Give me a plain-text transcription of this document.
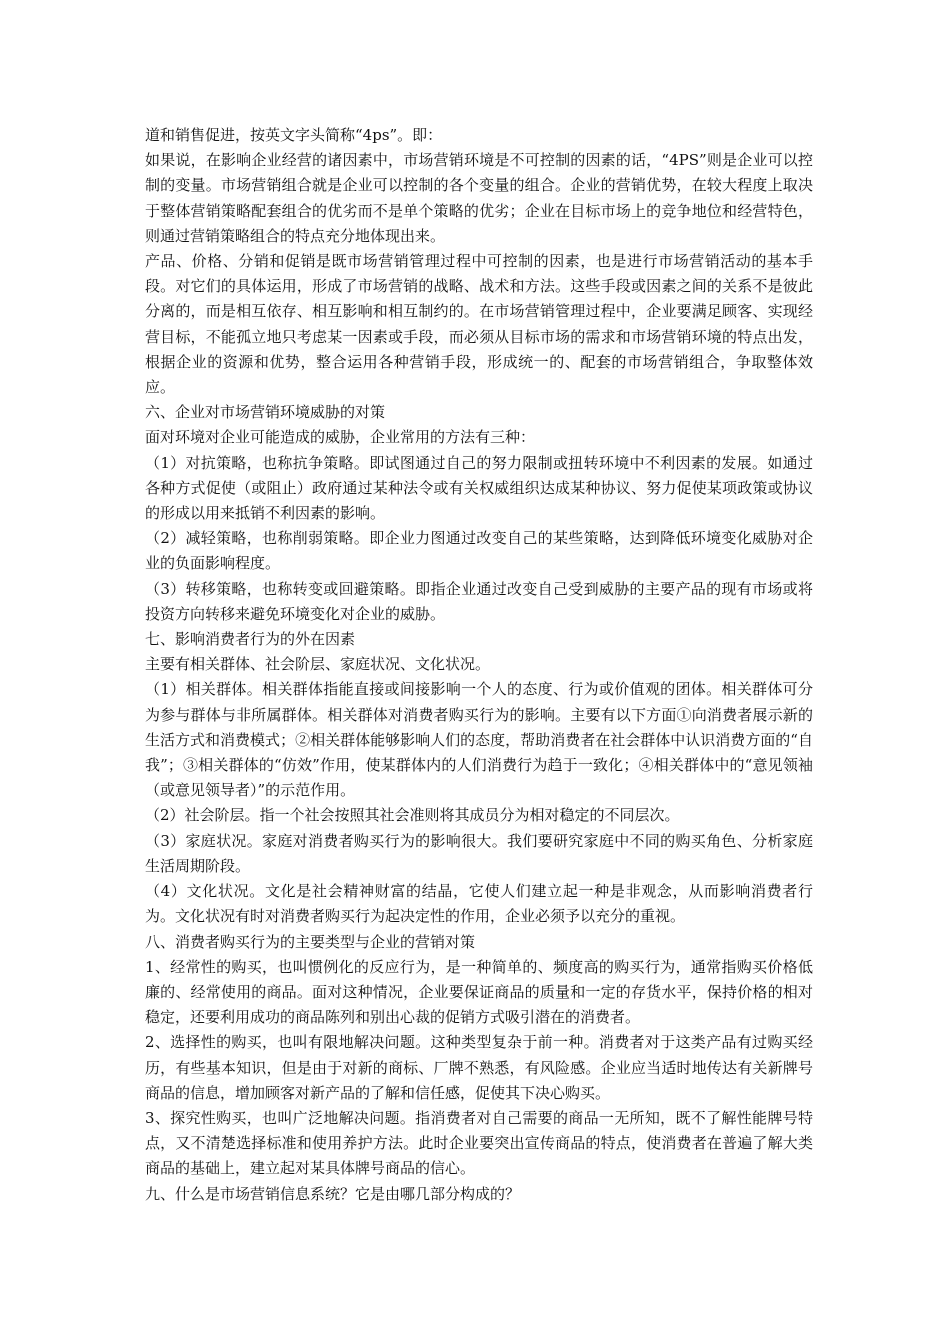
道和销售促进，按英文字头简称“4ps”。即：

如果说，在影响企业经营的诸因素中，市场营销环境是不可控制的因素的话，“4PS”则是企业可以控制的变量。市场营销组合就是企业可以控制的各个变量的组合。企业的营销优势，在较大程度上取决于整体营销策略配套组合的优劣而不是单个策略的优劣；企业在目标市场上的竞争地位和经营特色，则通过营销策略组合的特点充分地体现出来。

产品、价格、分销和促销是既市场营销管理过程中可控制的因素，也是进行市场营销活动的基本手段。对它们的具体运用，形成了市场营销的战略、战术和方法。这些手段或因素之间的关系不是彼此分离的，而是相互依存、相互影响和相互制约的。在市场营销管理过程中，企业要满足顾客、实现经营目标，不能孤立地只考虑某一因素或手段，而必须从目标市场的需求和市场营销环境的特点出发，根据企业的资源和优势，整合运用各种营销手段，形成统一的、配套的市场营销组合，争取整体效应。

六、企业对市场营销环境威胁的对策

面对环境对企业可能造成的威胁，企业常用的方法有三种：

（1）对抗策略，也称抗争策略。即试图通过自己的努力限制或扭转环境中不利因素的发展。如通过各种方式促使（或阻止）政府通过某种法令或有关权威组织达成某种协议、努力促使某项政策或协议的形成以用来抵销不利因素的影响。

（2）减轻策略，也称削弱策略。即企业力图通过改变自己的某些策略，达到降低环境变化威胁对企业的负面影响程度。

（3）转移策略，也称转变或回避策略。即指企业通过改变自己受到威胁的主要产品的现有市场或将投资方向转移来避免环境变化对企业的威胁。

七、影响消费者行为的外在因素

主要有相关群体、社会阶层、家庭状况、文化状况。

（1）相关群体。相关群体指能直接或间接影响一个人的态度、行为或价值观的团体。相关群体可分为参与群体与非所属群体。相关群体对消费者购买行为的影响。主要有以下方面①向消费者展示新的生活方式和消费模式；②相关群体能够影响人们的态度，帮助消费者在社会群体中认识消费方面的“自我”；③相关群体的“仿效”作用，使某群体内的人们消费行为趋于一致化；④相关群体中的“意见领袖（或意见领导者）”的示范作用。

（2）社会阶层。指一个社会按照其社会准则将其成员分为相对稳定的不同层次。

（3）家庭状况。家庭对消费者购买行为的影响很大。我们要研究家庭中不同的购买角色、分析家庭生活周期阶段。

（4）文化状况。文化是社会精神财富的结晶，它使人们建立起一种是非观念，从而影响消费者行为。文化状况有时对消费者购买行为起决定性的作用，企业必须予以充分的重视。

八、消费者购买行为的主要类型与企业的营销对策

1、经常性的购买，也叫惯例化的反应行为，是一种简单的、频度高的购买行为，通常指购买价格低廉的、经常使用的商品。面对这种情况，企业要保证商品的质量和一定的存货水平，保持价格的相对稳定，还要利用成功的商品陈列和别出心裁的促销方式吸引潜在的消费者。

2、选择性的购买，也叫有限地解决问题。这种类型复杂于前一种。消费者对于这类产品有过购买经历，有些基本知识，但是由于对新的商标、厂牌不熟悉，有风险感。企业应当适时地传达有关新牌号商品的信息，增加顾客对新产品的了解和信任感，促使其下决心购买。

3、探究性购买，也叫广泛地解决问题。指消费者对自己需要的商品一无所知，既不了解性能牌号特点，又不清楚选择标准和使用养护方法。此时企业要突出宣传商品的特点，使消费者在普遍了解大类商品的基础上，建立起对某具体牌号商品的信心。

九、什么是市场营销信息系统？它是由哪几部分构成的？
